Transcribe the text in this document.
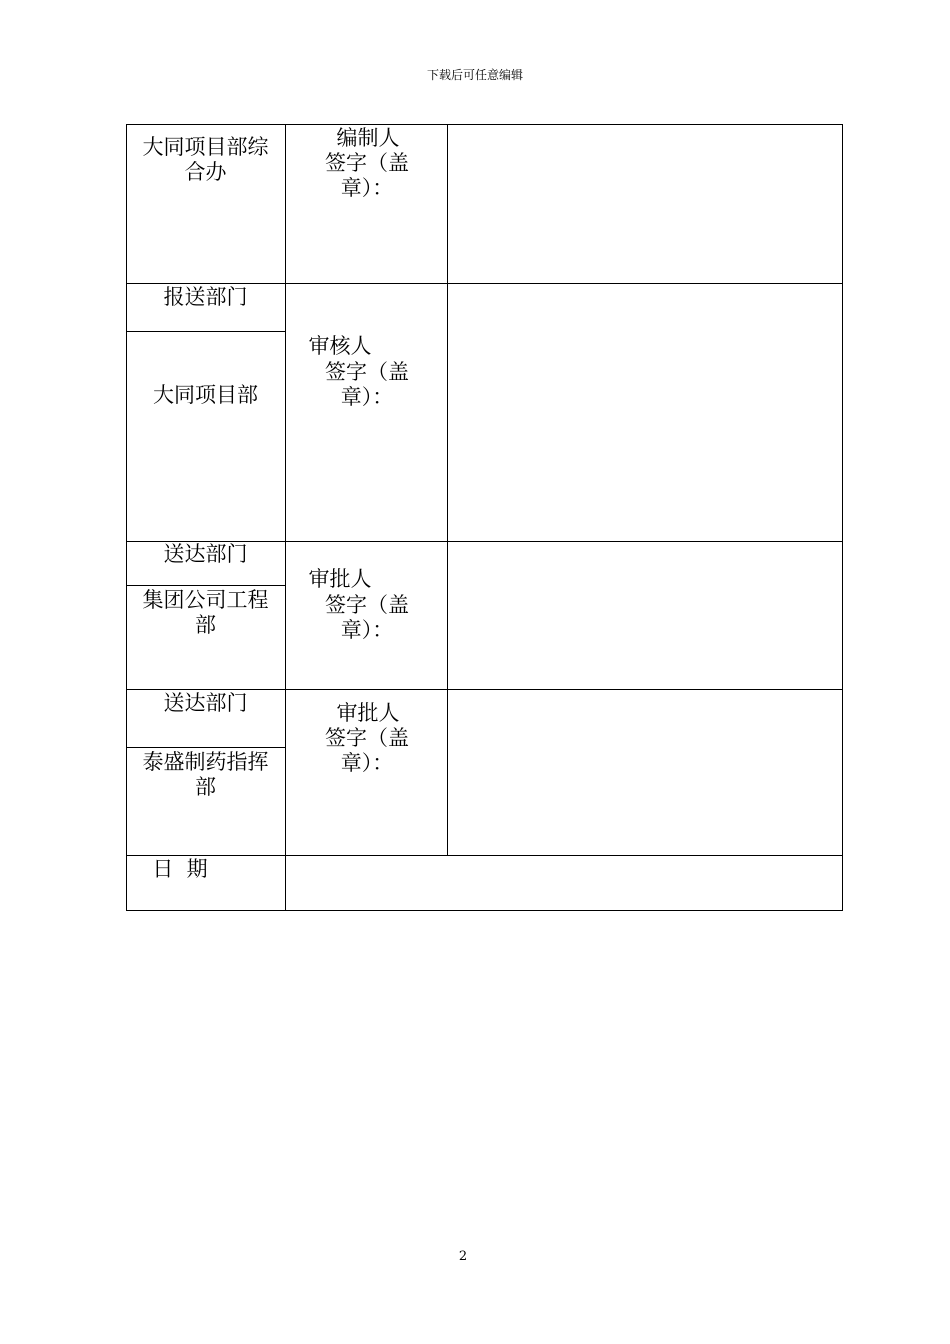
下载后可任意编辑
大同项目部综
合办
编制人
签字（盖
章）：
报送部门
大同项目部
审核人
签字（盖
章）：
送达部门
集团公司工程
部
审批人
签字（盖
章）：
送达部门
泰盛制药指挥
部
审批人
签字（盖
章）：
日  期
2
